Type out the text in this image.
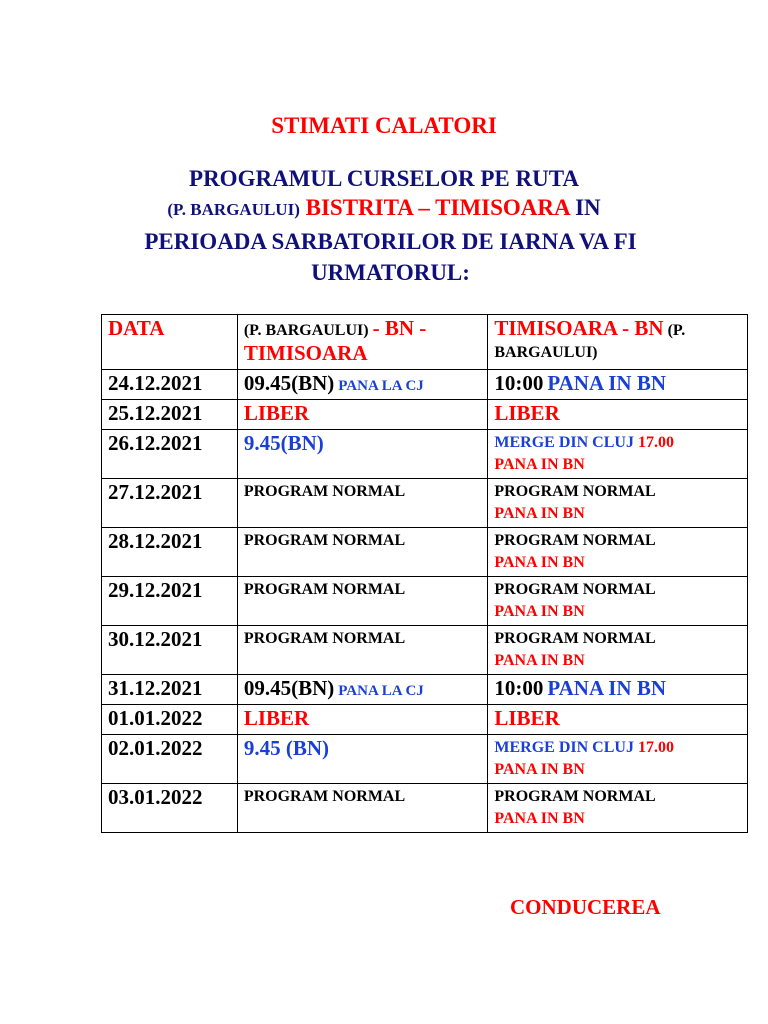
STIMATI CALATORI
PROGRAMUL CURSELOR PE RUTA
(P. BARGAULUI) BISTRITA – TIMISOARA IN
PERIOADA SARBATORILOR DE IARNA VA FI URMATORUL:
DATA	(P. BARGAULUI) - BN - TIMISOARA	TIMISOARA - BN (P. BARGAULUI)
24.12.2021	09.45(BN) PANA LA CJ	10:00 PANA IN BN
25.12.2021	LIBER	LIBER
26.12.2021	9.45(BN)	MERGE DIN CLUJ 17.00
PANA IN BN

27.12.2021	PROGRAM NORMAL	PROGRAM NORMAL
PANA IN BN

28.12.2021	PROGRAM NORMAL	PROGRAM NORMAL
PANA IN BN

29.12.2021	PROGRAM NORMAL	PROGRAM NORMAL
PANA IN BN

30.12.2021	PROGRAM NORMAL	PROGRAM NORMAL
PANA IN BN

31.12.2021	09.45(BN) PANA LA CJ	10:00 PANA IN BN
01.01.2022	LIBER	LIBER
02.01.2022	9.45 (BN)	MERGE DIN CLUJ 17.00
PANA IN BN

03.01.2022	PROGRAM NORMAL	PROGRAM NORMAL
PANA IN BN
CONDUCEREA
